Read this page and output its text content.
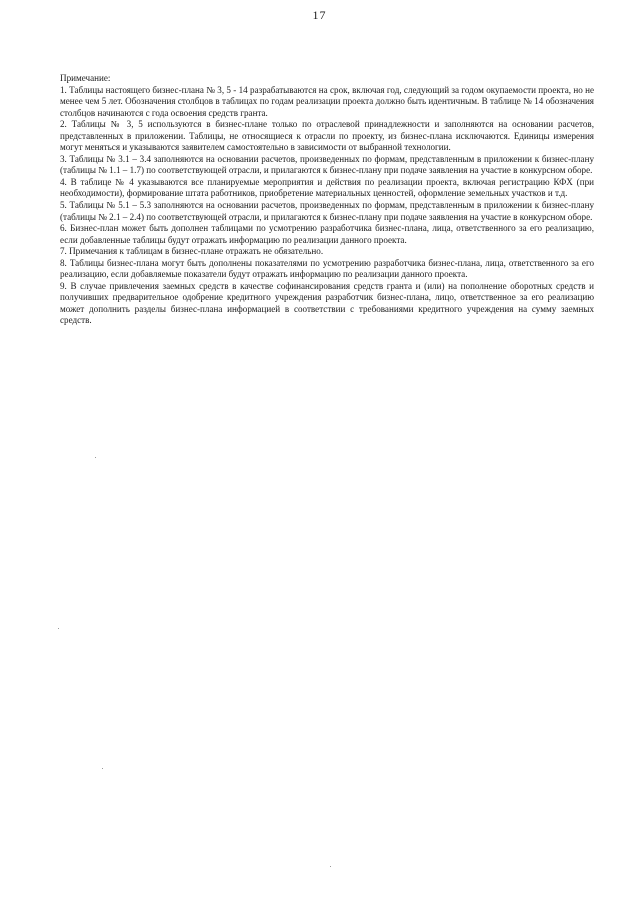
17

Примечание:

1. Таблицы настоящего бизнес-плана № 3, 5 - 14 разрабатываются на срок, включая год, следующий за годом окупаемости проекта, но не менее чем 5 лет. Обозначения столбцов в таблицах по годам реализации проекта должно быть идентичным. В таблице № 14 обозначения столбцов начинаются с года освоения средств гранта.

2. Таблицы № 3, 5 используются в бизнес-плане только по отраслевой принадлежности и заполняются на основании расчетов, представленных в приложении. Таблицы, не относящиеся к отрасли по проекту, из бизнес-плана исключаются. Единицы измерения могут меняться и указываются заявителем самостоятельно в зависимости от выбранной технологии.

3. Таблицы № 3.1 – 3.4 заполняются на основании расчетов, произведенных по формам, представленным в приложении к бизнес-плану (таблицы № 1.1 – 1.7) по соответствующей отрасли, и прилагаются к бизнес-плану при подаче заявления на участие в конкурсном оборе.

4. В таблице № 4 указываются все планируемые мероприятия и действия по реализации проекта, включая регистрацию КФХ (при необходимости), формирование штата работников, приобретение материальных ценностей, оформление земельных участков и т.д.

5. Таблицы № 5.1 – 5.3 заполняются на основании расчетов, произведенных по формам, представленным в приложении к бизнес-плану (таблицы № 2.1 – 2.4) по соответствующей отрасли, и прилагаются к бизнес-плану при подаче заявления на участие в конкурсном оборе.

6. Бизнес-план может быть дополнен таблицами по усмотрению разработчика бизнес-плана, лица, ответственного за его реализацию, если добавленные таблицы будут отражать информацию по реализации данного проекта.

7. Примечания к таблицам в бизнес-плане отражать не обязательно.

8. Таблицы бизнес-плана могут быть дополнены показателями по усмотрению разработчика бизнес-плана, лица, ответственного за его реализацию, если добавляемые показатели будут отражать информацию по реализации данного проекта.

9. В случае привлечения заемных средств в качестве софинансирования средств гранта и (или) на пополнение оборотных средств и получивших предварительное одобрение кредитного учреждения разработчик бизнес-плана, лицо, ответственное за его реализацию может дополнить разделы бизнес-плана информацией в соответствии с требованиями кредитного учреждения на сумму заемных средств.
